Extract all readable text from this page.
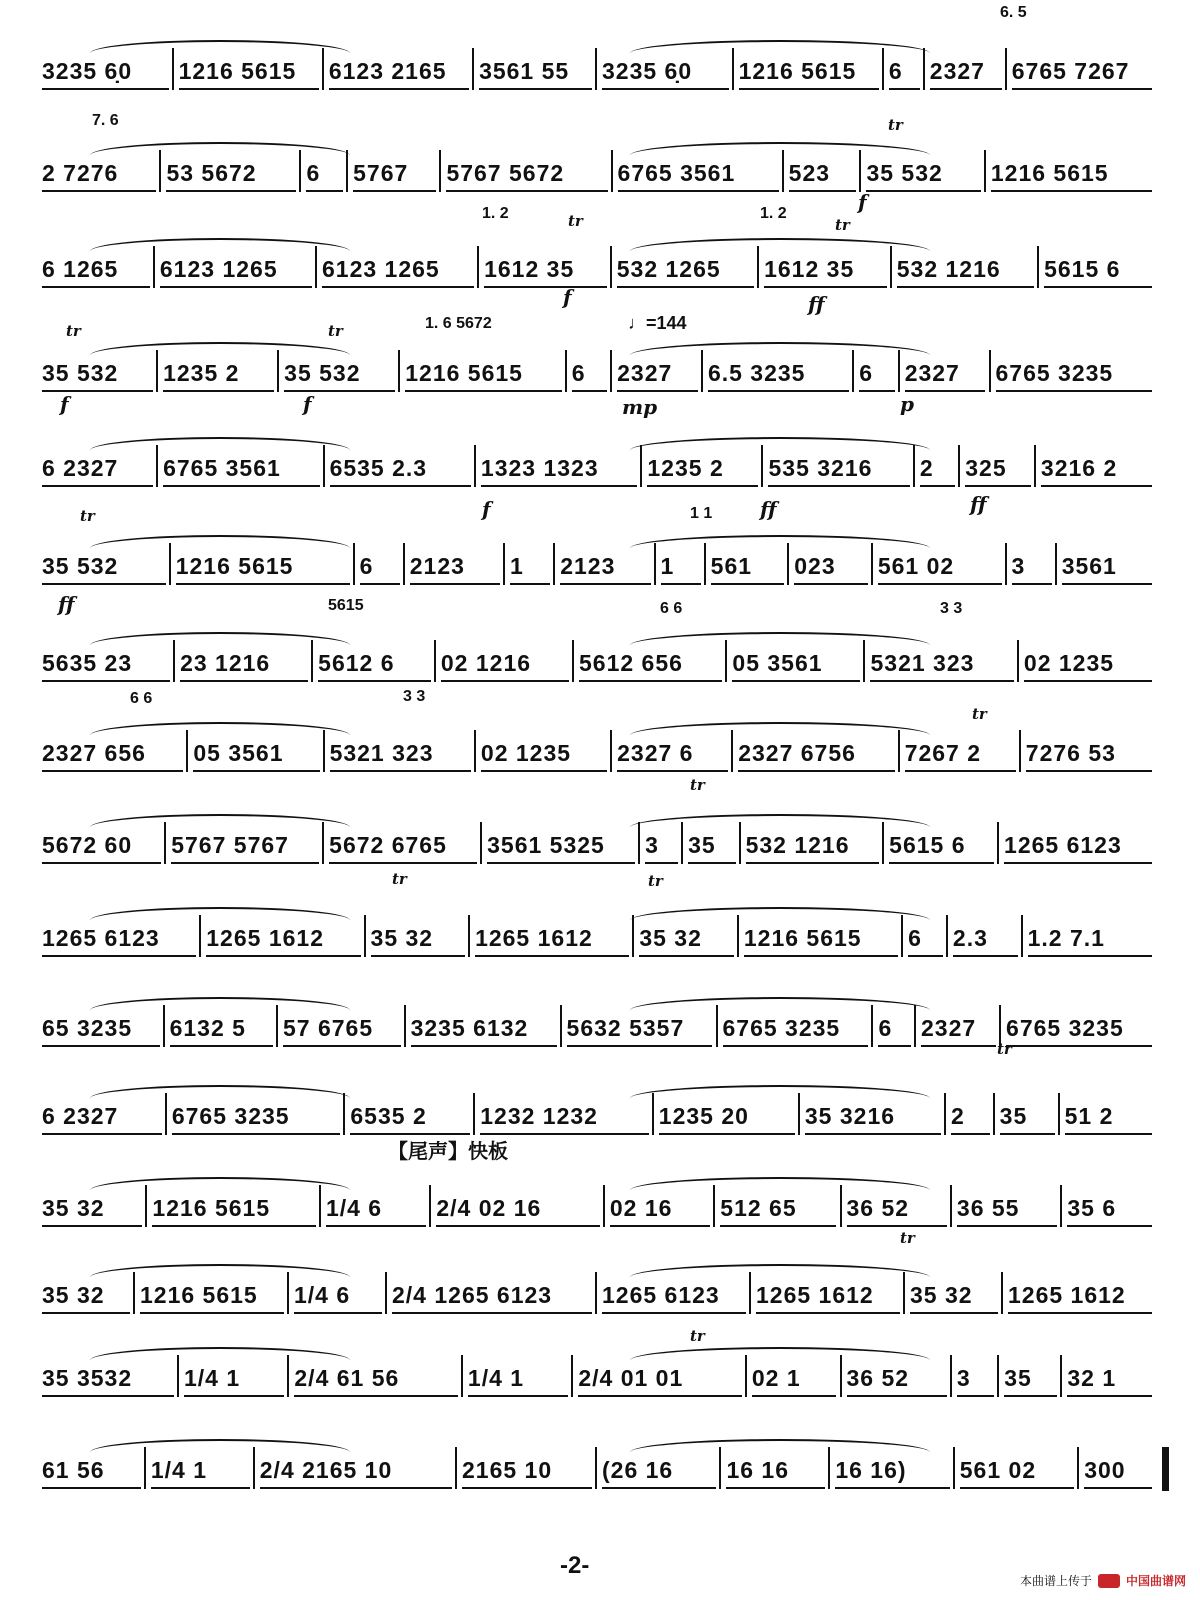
3235 6̣0	1216 5615	6123 2165	3561 55	3235 6̣0	1216 5615	6	2327	6765 7267
2 7276	53 5672	6	5767	5767 5672	6765 3561	523	35 532	1216 5615
6 1265	6123 1265	6123 1265	1612 35	532 1265	1612 35	532 1216	5615 6
35 532	1235 2	35 532	1216 5615	6	2327	6.5 3235	6	2327	6765 3235
6 2327	6765 3561	6535 2.3	1323 1323	1235 2	535 3216	2	325	3216 2
35 532	1216 5615	6	2123	1	2123	1	561	023	561 02	3	3561
5635 23	23 1216	5612 6	02 1216	5612 656	05 3561	5321 323	02 1235
2327 656	05 3561	5321 323	02 1235	2327 6	2327 6756	7267 2	7276 53
5672 60	5767 5767	5672 6765	3561 5325	3	35	532 1216	5615 6	1265 6123
1265 6123	1265 1612	35 32	1265 1612	35 32	1216 5615	6	2.3	1.2 7.1
65 3235	6132 5	57 6765	3235 6132	5632 5357	6765 3235	6	2327	6765 3235
6 2327	6765 3235	6535 2	1232 1232	1235 20	35 3216	2	35	51 2
35 32	1216 5615	1/4 6	2/4 02 16	02 16	512 65	36 52	36 55	35 6
35 32	1216 5615	1/4 6	2/4 1265 6123	1265 6123	1265 1612	35 32	1265 1612
35 3532	1/4 1	2/4 61 56	1/4 1	2/4 01 01	02 1	36 52	3	35	32 1
61 56	1/4 1	2/4 2165 10	2165 10	(26 16	16 16	16 16)	561 02	300
6. 5
7. 6
1. 2	1. 2
1. 6 5672
5615	6 6	3 3
6 6	3 3
1 1
tr
tr	tr
tr	tr
tr
tr
tr
tr	tr
tr
tr
tr
f
f	ff
f	f	mp	p
♩=144
f	ff	ff
ff
【尾声】快板
-2-
本曲谱上传于	中国曲谱网
